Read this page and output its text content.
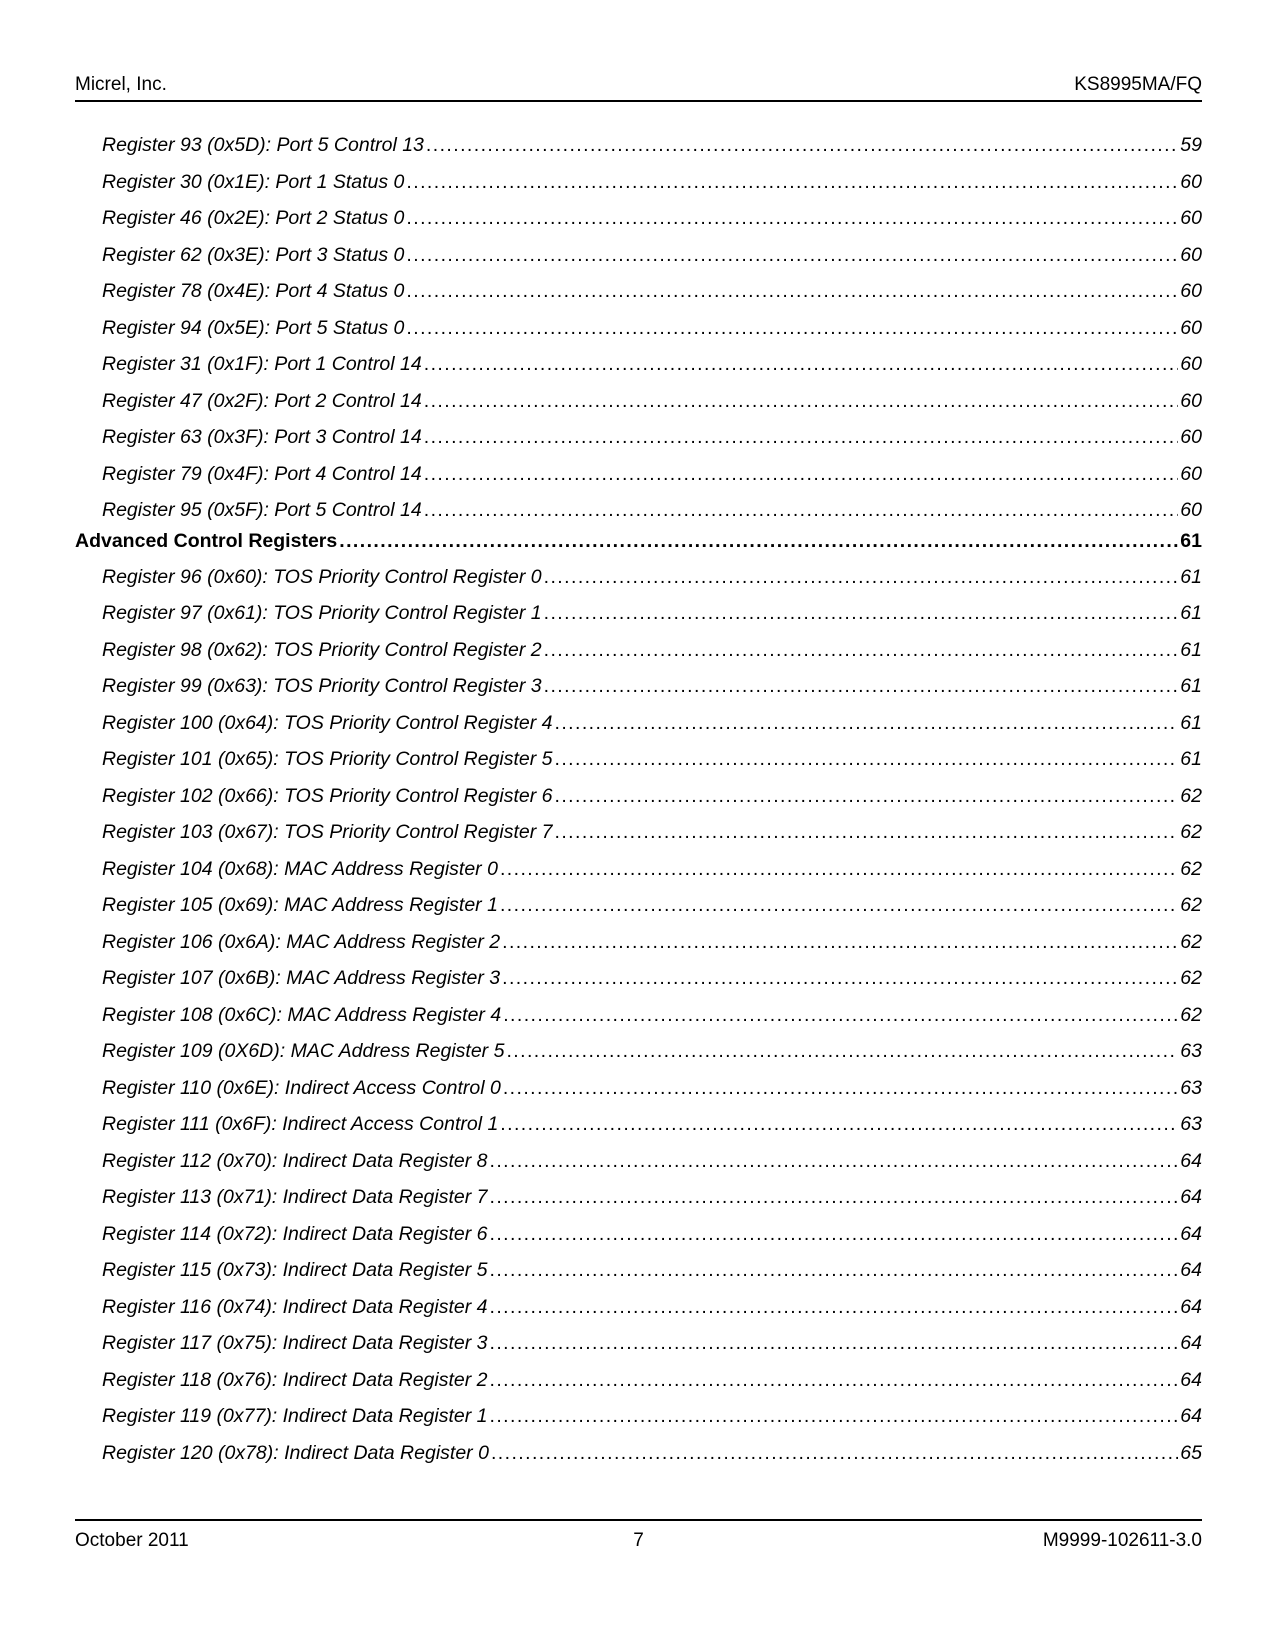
Micrel, Inc.	KS8995MA/FQ
Register 93 (0x5D): Port 5 Control 13 . . .	59
Register 30 (0x1E): Port 1 Status 0 . . .	60
Register 46 (0x2E): Port 2 Status 0 . . .	60
Register 62 (0x3E): Port 3 Status 0 . . .	60
Register 78 (0x4E): Port 4 Status 0 . . .	60
Register 94 (0x5E): Port 5 Status 0 . . .	60
Register 31 (0x1F): Port 1 Control 14 . . .	60
Register 47 (0x2F): Port 2 Control 14 . . .	60
Register 63 (0x3F): Port 3 Control 14 . . .	60
Register 79 (0x4F): Port 4 Control 14 . . .	60
Register 95 (0x5F): Port 5 Control 14 . . .	60
Advanced Control Registers . . .	61
Register 96 (0x60): TOS Priority Control Register 0 . . .	61
Register 97 (0x61): TOS Priority Control Register 1 . . .	61
Register 98 (0x62): TOS Priority Control Register 2 . . .	61
Register 99 (0x63): TOS Priority Control Register 3 . . .	61
Register 100 (0x64): TOS Priority Control Register 4 . . .	61
Register 101 (0x65): TOS Priority Control Register 5 . . .	61
Register 102 (0x66): TOS Priority Control Register 6 . . .	62
Register 103 (0x67): TOS Priority Control Register 7 . . .	62
Register 104 (0x68): MAC Address Register 0 . . .	62
Register 105 (0x69): MAC Address Register 1 . . .	62
Register 106 (0x6A): MAC Address Register 2 . . .	62
Register 107 (0x6B): MAC Address Register 3 . . .	62
Register 108 (0x6C): MAC Address Register 4 . . .	62
Register 109 (0X6D): MAC Address Register 5 . . .	63
Register 110 (0x6E): Indirect Access Control 0 . . .	63
Register 111 (0x6F): Indirect Access Control 1 . . .	63
Register 112 (0x70): Indirect Data Register 8 . . .	64
Register 113 (0x71): Indirect Data Register 7 . . .	64
Register 114 (0x72): Indirect Data Register 6 . . .	64
Register 115 (0x73): Indirect Data Register 5 . . .	64
Register 116 (0x74): Indirect Data Register 4 . . .	64
Register 117 (0x75): Indirect Data Register 3 . . .	64
Register 118 (0x76): Indirect Data Register 2 . . .	64
Register 119 (0x77): Indirect Data Register 1 . . .	64
Register 120 (0x78): Indirect Data Register 0 . . .	65
October 2011	7	M9999-102611-3.0
